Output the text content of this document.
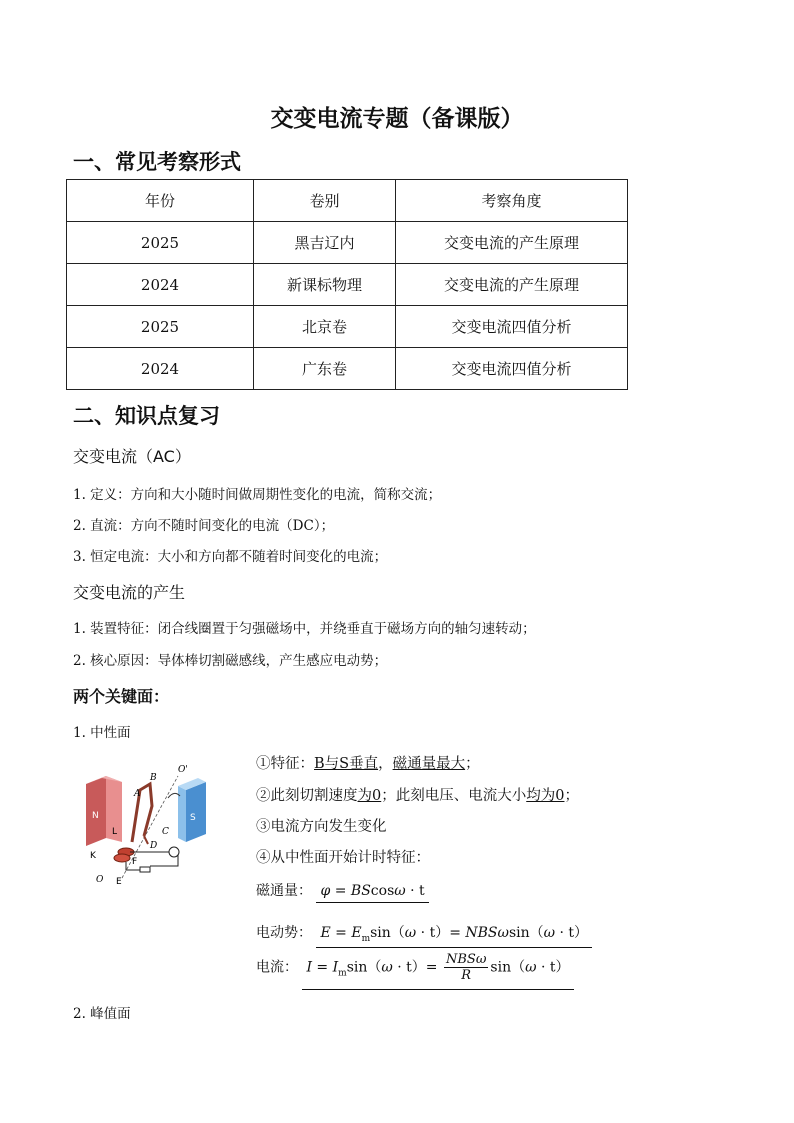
交变电流专题（备课版）
一、常见考察形式
年份	卷别	考察角度
2025	黑吉辽内	交变电流的产生原理
2024	新课标物理	交变电流的产生原理
2025	北京卷	交变电流四值分析
2024	广东卷	交变电流四值分析
二、知识点复习
交变电流（AC）
1. 定义：方向和大小随时间做周期性变化的电流，简称交流；
2. 直流：方向不随时间变化的电流（DC）；
3. 恒定电流：大小和方向都不随着时间变化的电流；
交变电流的产生
1. 装置特征：闭合线圈置于匀强磁场中，并绕垂直于磁场方向的轴匀速转动；
2. 核心原因：导体棒切割磁感线，产生感应电动势；
两个关键面：
1. 中性面
N	S
A
B
C
D
L
K
F
E
O
O'	①特征：B与S垂直，磁通量最大；
②此刻切割速度为0；此刻电压、电流大小均为0；
③电流方向发生变化
④从中性面开始计时特征：
磁通量： φ = BScosω · t
电动势： $E = E_m\sin(\omega \cdot t)= NBS\omega\sin(\omega \cdot t)$
电流： $I = I_m\sin(\omega \cdot t)= \frac{\text{NBSω}}{R} \sin(\omega \cdot t)$
2. 峰值面
